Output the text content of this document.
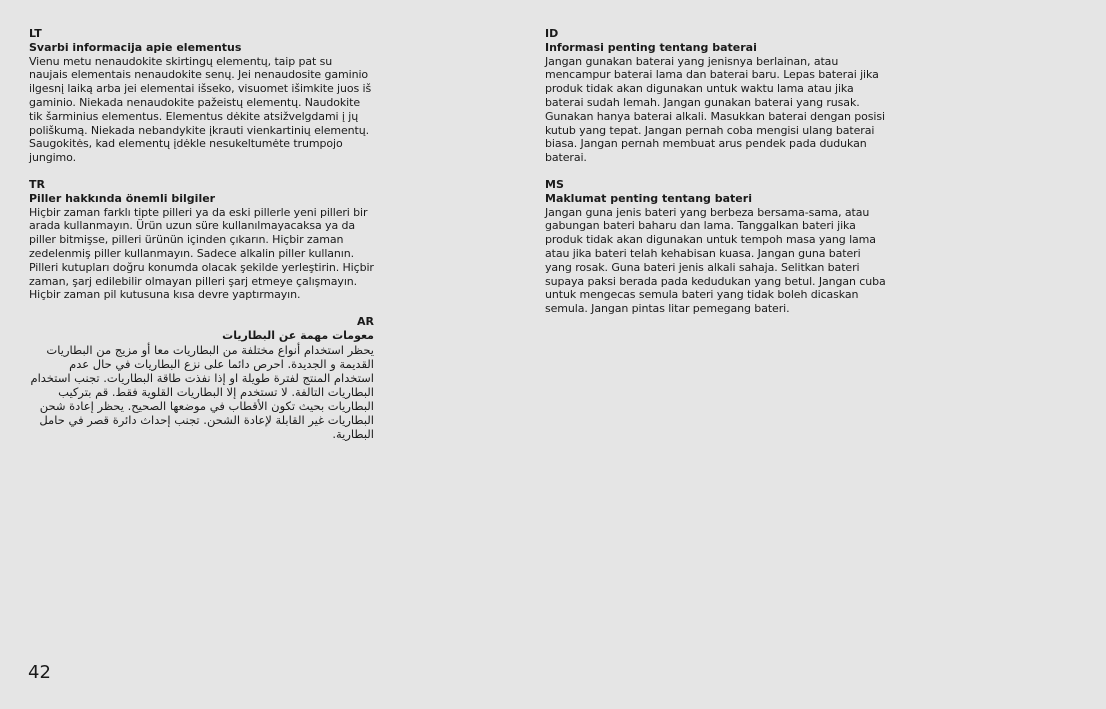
LT
Svarbi informacija apie elementus
Vienu metu nenaudokite skirtingų elementų, taip pat su naujais elementais nenaudokite senų. Jei nenaudosite gaminio ilgesnį laiką arba jei elementai išseko, visuomet išimkite juos iš gaminio. Niekada nenaudokite pažeistų elementų. Naudokite tik šarminius elementus. Elementus dėkite atsižvelgdami į jų poliškumą. Niekada nebandykite įkrauti vienkartinių elementų. Saugokitės, kad elementų įdėkle nesukeltumėte trumpojo jungimo.
TR
Piller hakkında önemli bilgiler
Hiçbir zaman farklı tipte pilleri ya da eski pillerle yeni pilleri bir arada kullanmayın. Ürün uzun süre kullanılmayacaksa ya da piller bitmişse, pilleri ürünün içinden çıkarın. Hiçbir zaman zedelenmiş piller kullanmayın. Sadece alkalin piller kullanın. Pilleri kutupları doğru konumda olacak şekilde yerleştirin. Hiçbir zaman, şarj edilebilir olmayan pilleri şarj etmeye çalışmayın. Hiçbir zaman pil kutusuna kısa devre yaptırmayın.
AR
معومات مهمة عن البطاريات
يحظر استخدام أنواع مختلفة من البطاريات معا أو مزيج من البطاريات القديمة و الجديدة. احرص دائما على نزع البطاريات في حال عدم استخدام المنتج لفترة طويلة او إذا نفذت طاقة البطاريات. تجنب استخدام البطاريات التالفة. لا تستخدم إلا البطاريات القلوية فقط. قم بتركيب البطاريات بحيث تكون الأقطاب في موضعها الصحيح. يحظر إعادة شحن البطاريات غير القابلة لإعادة الشحن. تجنب إحداث دائرة قصر في حامل البطارية.
ID
Informasi penting tentang baterai
Jangan gunakan baterai yang jenisnya berlainan, atau mencampur baterai lama dan baterai baru. Lepas baterai jika produk tidak akan digunakan untuk waktu lama atau jika baterai sudah lemah. Jangan gunakan baterai yang rusak. Gunakan hanya baterai alkali. Masukkan baterai dengan posisi kutub yang tepat. Jangan pernah coba mengisi ulang baterai biasa. Jangan pernah membuat arus pendek pada dudukan baterai.
MS
Maklumat penting tentang bateri
Jangan guna jenis bateri yang berbeza bersama-sama, atau gabungan bateri baharu dan lama. Tanggalkan bateri jika produk tidak akan digunakan untuk tempoh masa yang lama atau jika bateri telah kehabisan kuasa. Jangan guna bateri yang rosak. Guna bateri jenis alkali sahaja. Selitkan bateri supaya paksi berada pada kedudukan yang betul. Jangan cuba untuk mengecas semula bateri yang tidak boleh dicaskan semula. Jangan pintas litar pemegang bateri.
42
